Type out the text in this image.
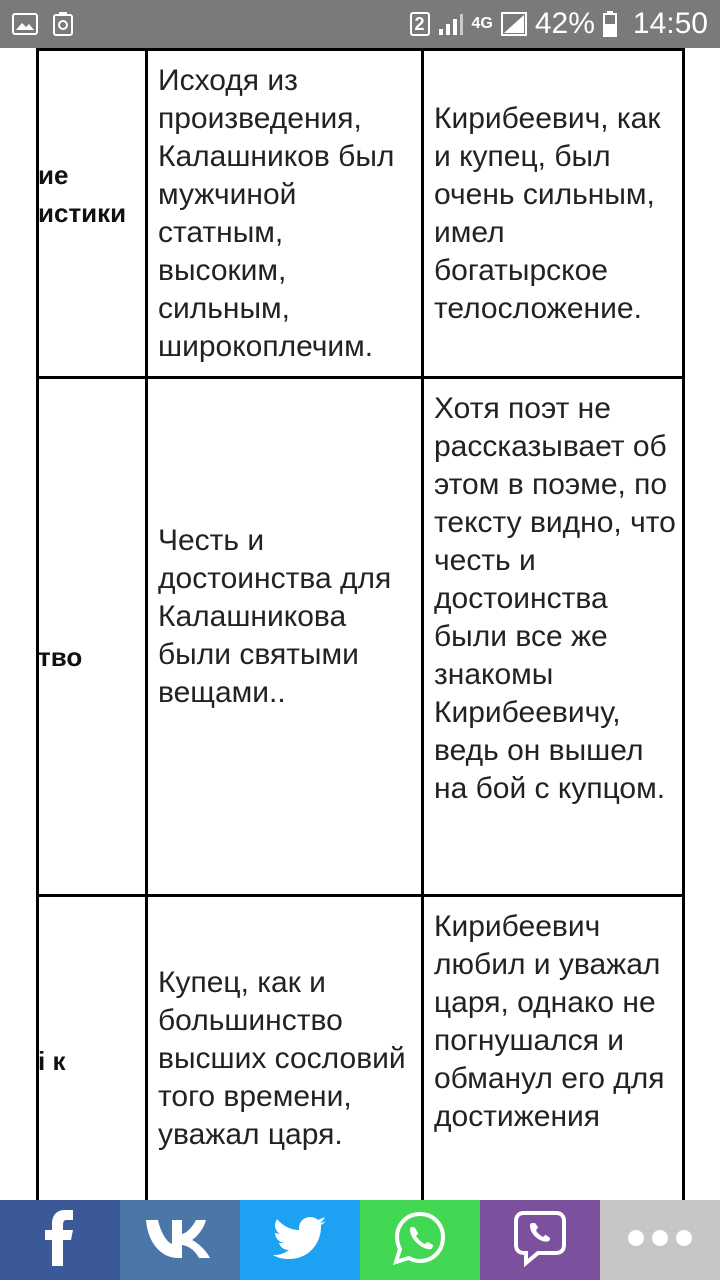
2	4G 42% 14:50
ие
истики
Исходя из произведения, Калашников был мужчиной статным, высоким, сильным, широкоплечим.
Кирибеевич, как и купец, был очень сильным, имел богатырское телосложение.
тво
Честь и достоинства для Калашникова были святыми вещами..
Хотя поэт не рассказывает об этом в поэме, по тексту видно, что честь и достоинства были все же знакомы Кирибеевичу, ведь он вышел на бой с купцом.
і к
Купец, как и большинство высших сословий того времени, уважал царя.
Кирибеевич любил и уважал царя, однако не погнушался и обманул его для достижения
